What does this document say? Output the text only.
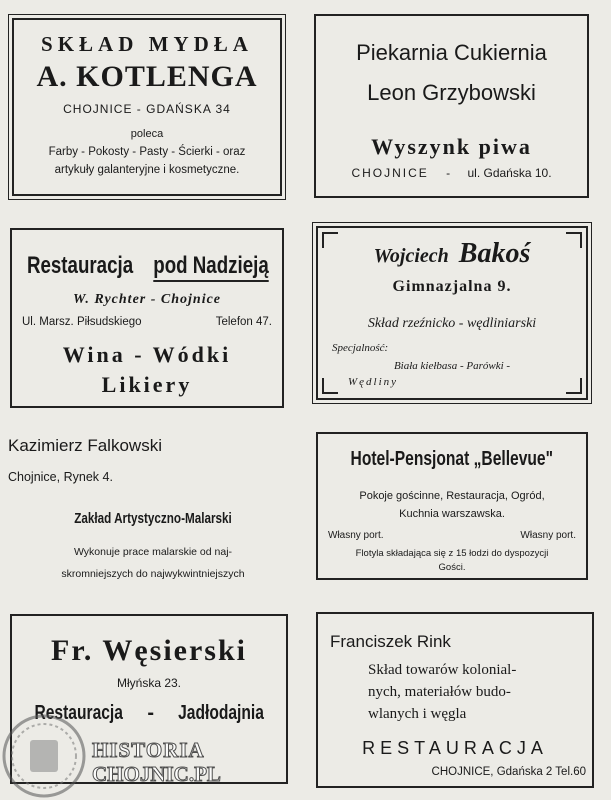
SKŁAD MYDŁA
A. KOTLENGA
CHOJNICE - GDAŃSKA 34
poleca
Farby - Pokosty - Pasty - Ścierki - oraz
artykuły galanteryjne i kosmetyczne.
Piekarnia Cukiernia
Leon Grzybowski
Wyszynk piwa
CHOJNICE - ul. Gdańska 10.
Restauracja pod Nadzieją
W. Rychter - Chojnice
Ul. Marsz. Piłsudskiego	Telefon 47.
Wina - Wódki
Likiery
Wojciech Bakoś
Gimnazjalna 9.
Skład rzeźnicko - wędliniarski
Specjalność:
Biała kiełbasa - Parówki -
Wędliny
Kazimierz Falkowski
Chojnice, Rynek 4.
Zakład Artystyczno-Malarski
Wykonuje prace malarskie od naj-
skromniejszych do najwykwintniejszych
Hotel-Pensjonat „Bellevue"
Pokoje gościnne, Restauracja, Ogród,
Kuchnia warszawska.
Własny port.	Własny port.
Flotyla składająca się z 15 łodzi do dyspozycji
Gości.
Fr. Węsierski
Młyńska 23.
Restauracja - Jadłodajnia
Franciszek Rink
Skład towarów kolonial-
nych, materiałów budo-
wlanych i węgla
RESTAURACJA
CHOJNICE, Gdańska 2 Tel.60
HISTORIA
CHOJNIC.PL
